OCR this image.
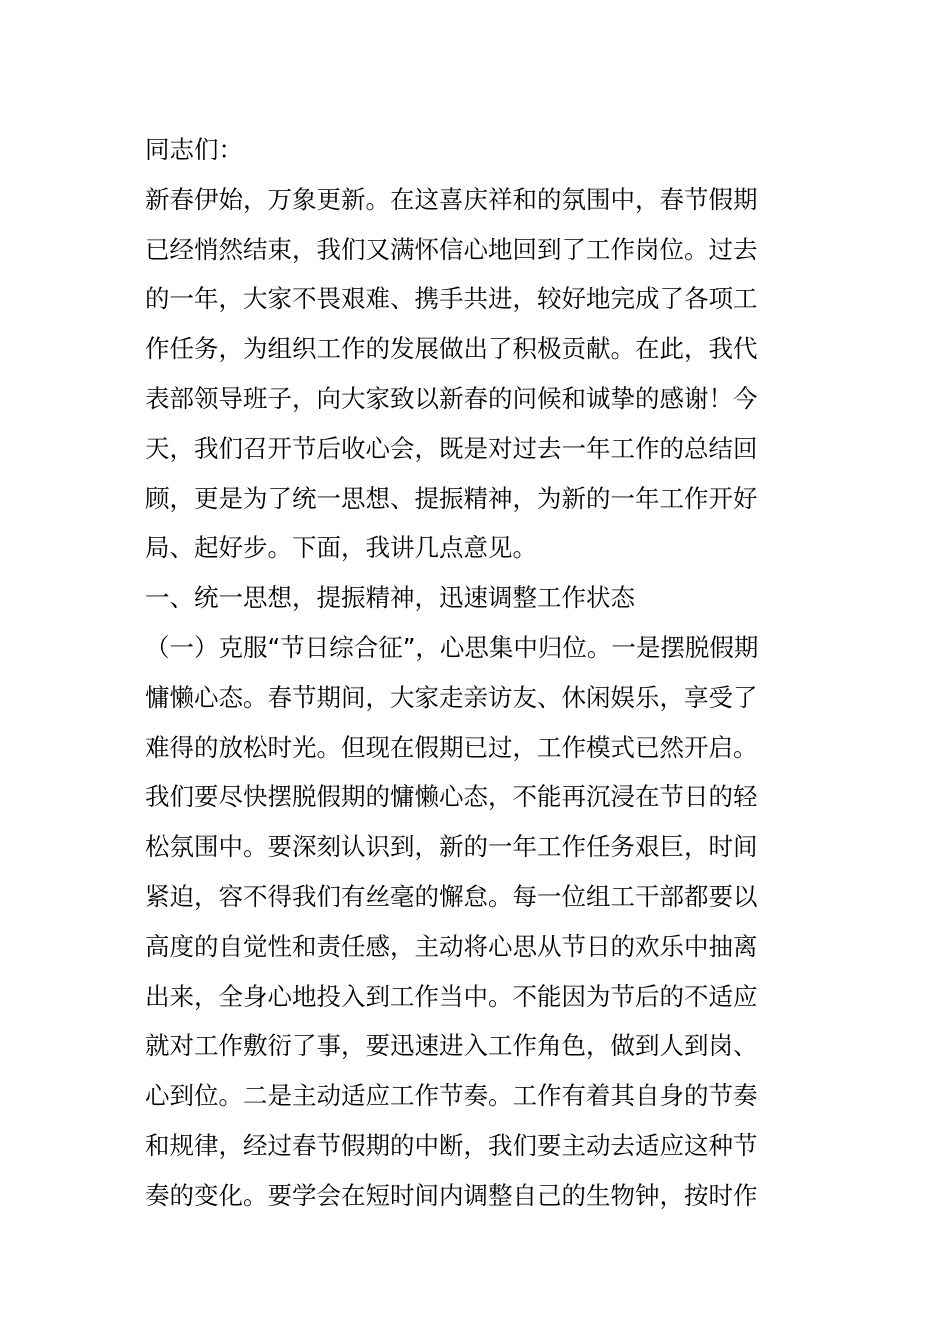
同志们：
新春伊始，万象更新。在这喜庆祥和的氛围中，春节假期
已经悄然结束，我们又满怀信心地回到了工作岗位。过去
的一年，大家不畏艰难、携手共进，较好地完成了各项工
作任务，为组织工作的发展做出了积极贡献。在此，我代
表部领导班子，向大家致以新春的问候和诚挚的感谢！今
天，我们召开节后收心会，既是对过去一年工作的总结回
顾，更是为了统一思想、提振精神，为新的一年工作开好
局、起好步。下面，我讲几点意见。
一、统一思想，提振精神，迅速调整工作状态
（一）克服“节日综合征”，心思集中归位。一是摆脱假期
慵懒心态。春节期间，大家走亲访友、休闲娱乐，享受了
难得的放松时光。但现在假期已过，工作模式已然开启。
我们要尽快摆脱假期的慵懒心态，不能再沉浸在节日的轻
松氛围中。要深刻认识到，新的一年工作任务艰巨，时间
紧迫，容不得我们有丝毫的懈怠。每一位组工干部都要以
高度的自觉性和责任感，主动将心思从节日的欢乐中抽离
出来，全身心地投入到工作当中。不能因为节后的不适应
就对工作敷衍了事，要迅速进入工作角色，做到人到岗、
心到位。二是主动适应工作节奏。工作有着其自身的节奏
和规律，经过春节假期的中断，我们要主动去适应这种节
奏的变化。要学会在短时间内调整自己的生物钟，按时作
